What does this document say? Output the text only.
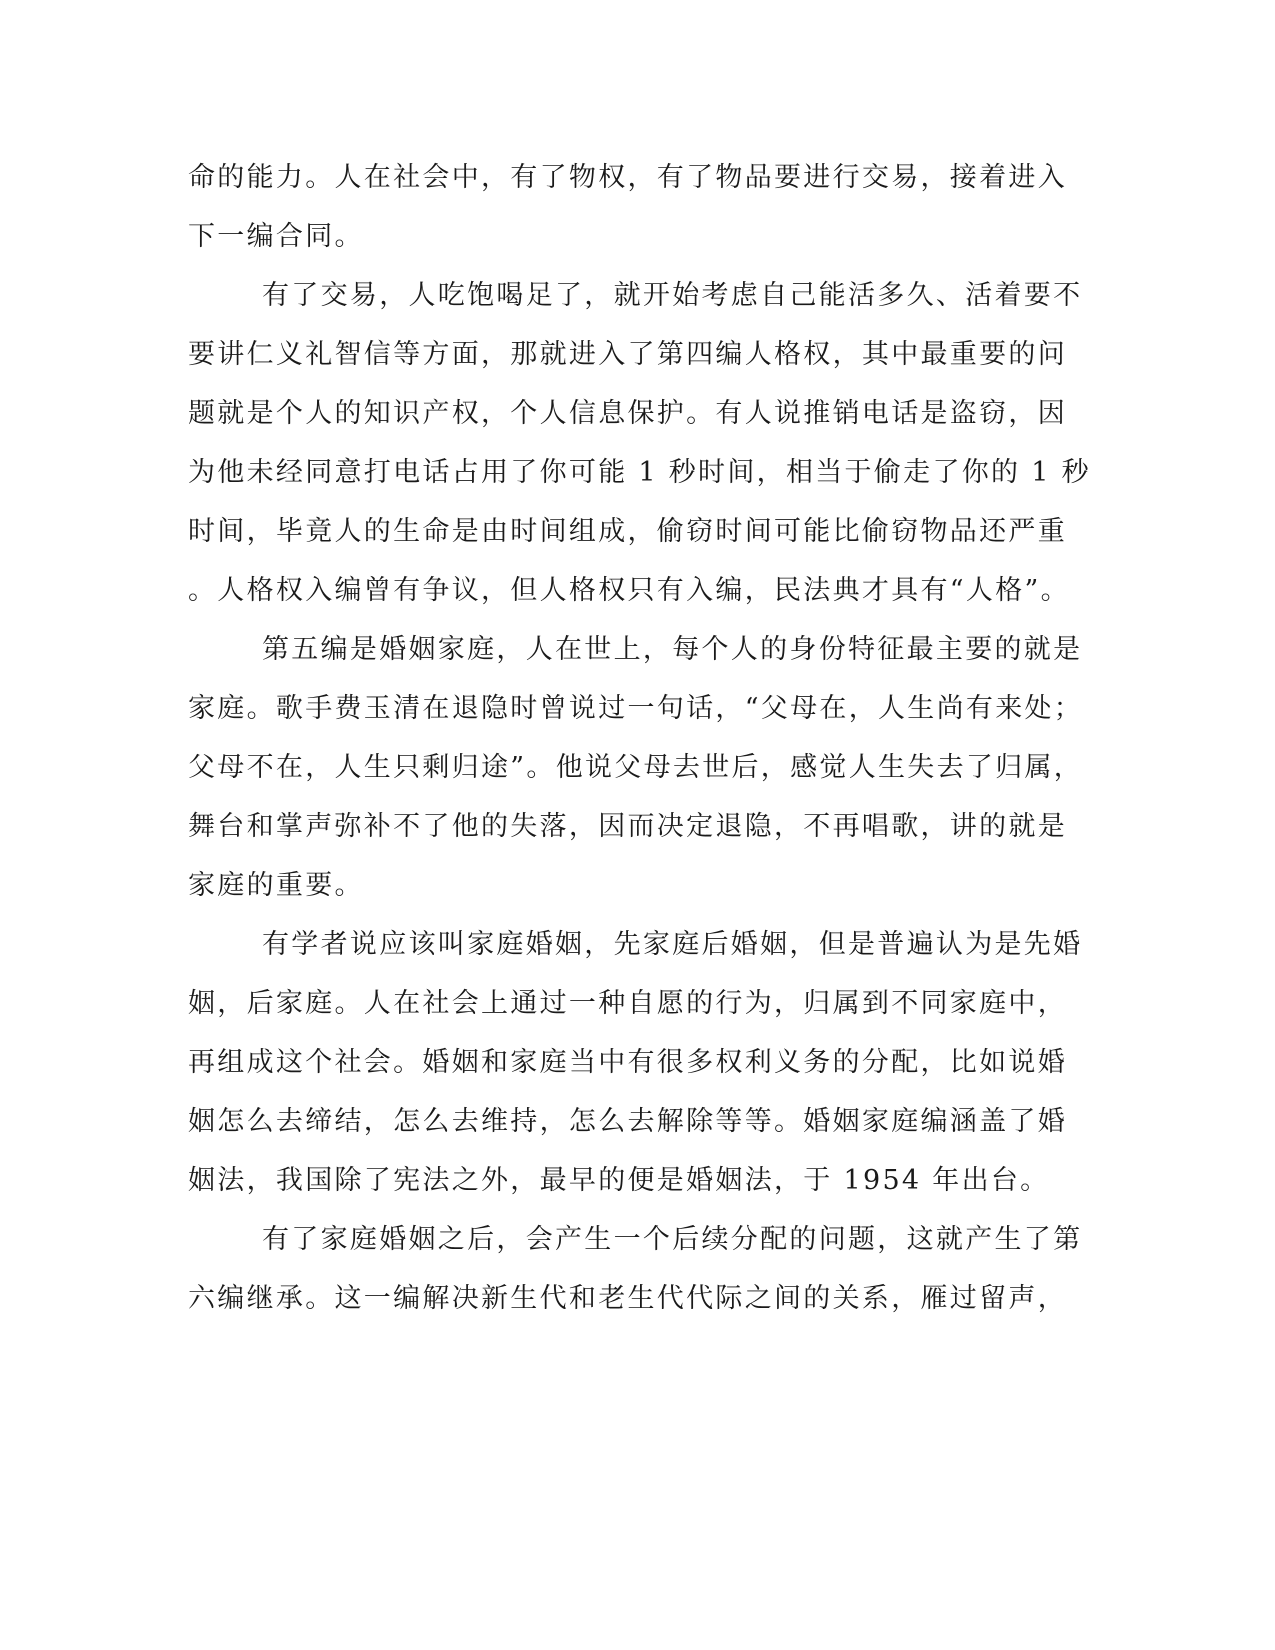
命的能力。人在社会中，有了物权，有了物品要进行交易，接着进入
下一编合同。
有了交易，人吃饱喝足了，就开始考虑自己能活多久、活着要不
要讲仁义礼智信等方面，那就进入了第四编人格权，其中最重要的问
题就是个人的知识产权，个人信息保护。有人说推销电话是盗窃，因
为他未经同意打电话占用了你可能 1 秒时间，相当于偷走了你的 1 秒
时间，毕竟人的生命是由时间组成，偷窃时间可能比偷窃物品还严重
。人格权入编曾有争议，但人格权只有入编，民法典才具有“人格”。
第五编是婚姻家庭，人在世上，每个人的身份特征最主要的就是
家庭。歌手费玉清在退隐时曾说过一句话，“父母在，人生尚有来处；
父母不在，人生只剩归途”。他说父母去世后，感觉人生失去了归属，
舞台和掌声弥补不了他的失落，因而决定退隐，不再唱歌，讲的就是
家庭的重要。
有学者说应该叫家庭婚姻，先家庭后婚姻，但是普遍认为是先婚
姻，后家庭。人在社会上通过一种自愿的行为，归属到不同家庭中，
再组成这个社会。婚姻和家庭当中有很多权利义务的分配，比如说婚
姻怎么去缔结，怎么去维持，怎么去解除等等。婚姻家庭编涵盖了婚
姻法，我国除了宪法之外，最早的便是婚姻法，于 1954 年出台。
有了家庭婚姻之后，会产生一个后续分配的问题，这就产生了第
六编继承。这一编解决新生代和老生代代际之间的关系，雁过留声，
